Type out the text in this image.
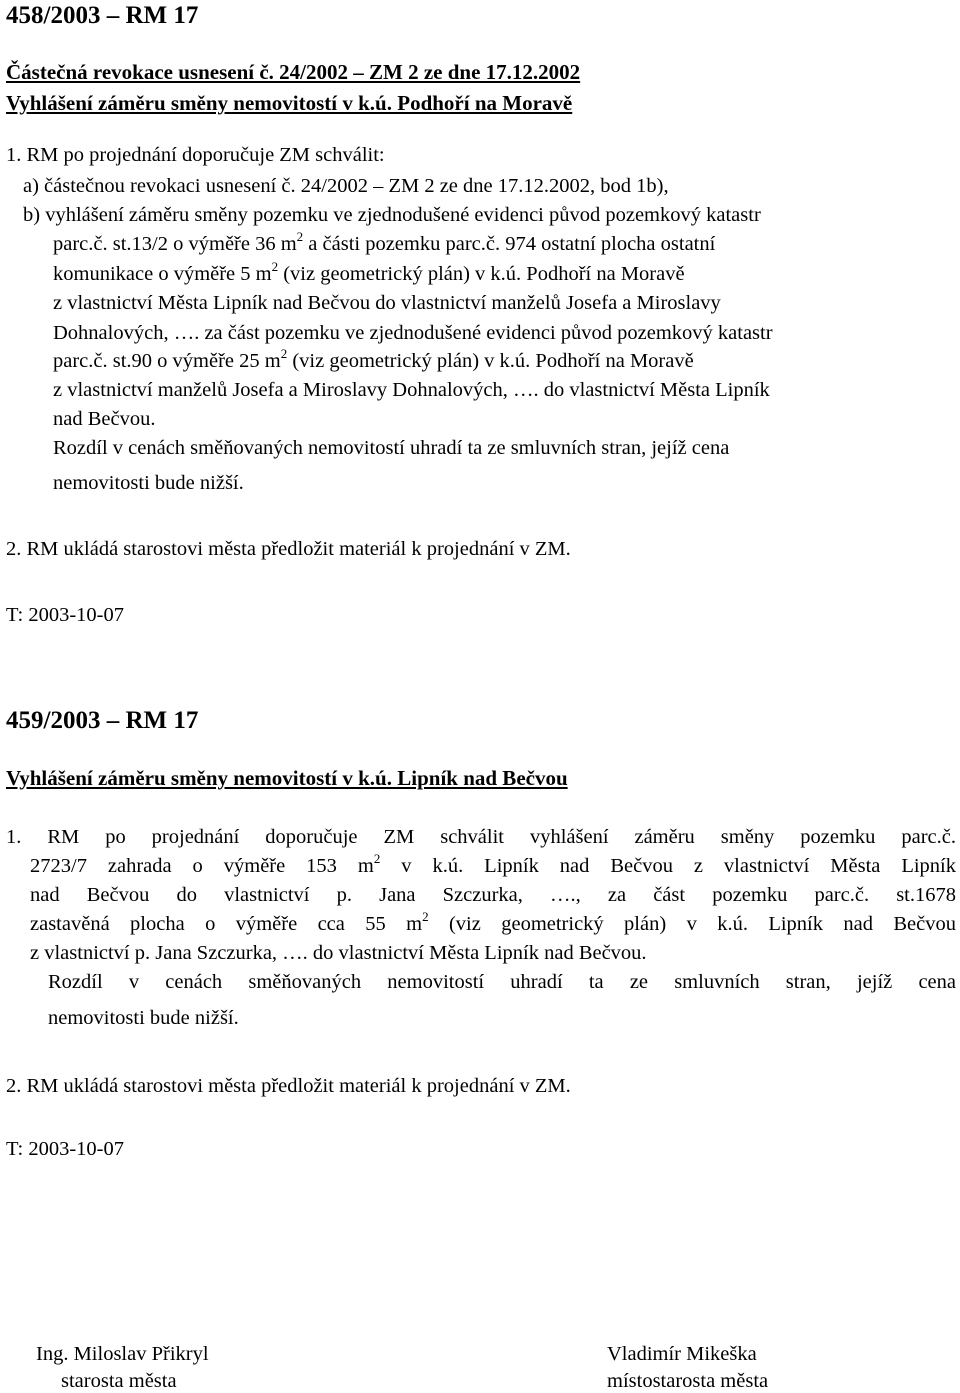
458/2003 – RM 17
Částečná revokace usnesení č. 24/2002 – ZM 2 ze dne 17.12.2002
Vyhlášení záměru směny nemovitostí v k.ú. Podhoří na Moravě
1. RM po projednání doporučuje ZM schválit:
a) částečnou revokaci usnesení č. 24/2002 – ZM 2 ze dne 17.12.2002, bod 1b),
b) vyhlášení záměru směny pozemku ve zjednodušené evidenci původ pozemkový katastr
parc.č. st.13/2 o výměře 36 $m^2$ a části pozemku parc.č. 974 ostatní plocha ostatní
komunikace o výměře 5 $m^2$ (viz geometrický plán) v k.ú. Podhoří na Moravě
z vlastnictví Města Lipník nad Bečvou do vlastnictví manželů Josefa a Miroslavy
Dohnalových, …. za část pozemku ve zjednodušené evidenci původ pozemkový katastr
parc.č. st.90 o výměře 25 $m^2$ (viz geometrický plán) v k.ú. Podhoří na Moravě
z vlastnictví manželů Josefa a Miroslavy Dohnalových, …. do vlastnictví Města Lipník
nad Bečvou.
Rozdíl v cenách směňovaných nemovitostí uhradí ta ze smluvních stran, jejíž cena
nemovitosti bude nižší.
2. RM ukládá starostovi města předložit materiál k projednání v ZM.
T: 2003-10-07
459/2003 – RM 17
Vyhlášení záměru směny nemovitostí v k.ú. Lipník nad Bečvou
1. RM po projednání doporučuje ZM schválit vyhlášení záměru směny pozemku parc.č.
2723/7 zahrada o výměře 153 $m^2$ v k.ú. Lipník nad Bečvou z vlastnictví Města Lipník
nad Bečvou do vlastnictví p. Jana Szczurka, …., za část pozemku parc.č. st.1678
zastavěná plocha o výměře cca 55 $m^2$ (viz geometrický plán) v k.ú. Lipník nad Bečvou
z vlastnictví p. Jana Szczurka, …. do vlastnictví Města Lipník nad Bečvou.
Rozdíl v cenách směňovaných nemovitostí uhradí ta ze smluvních stran, jejíž cena
nemovitosti bude nižší.
2. RM ukládá starostovi města předložit materiál k projednání v ZM.
T: 2003-10-07
Ing. Miloslav Přikryl
starosta města
Vladimír Mikeška
místostarosta města
